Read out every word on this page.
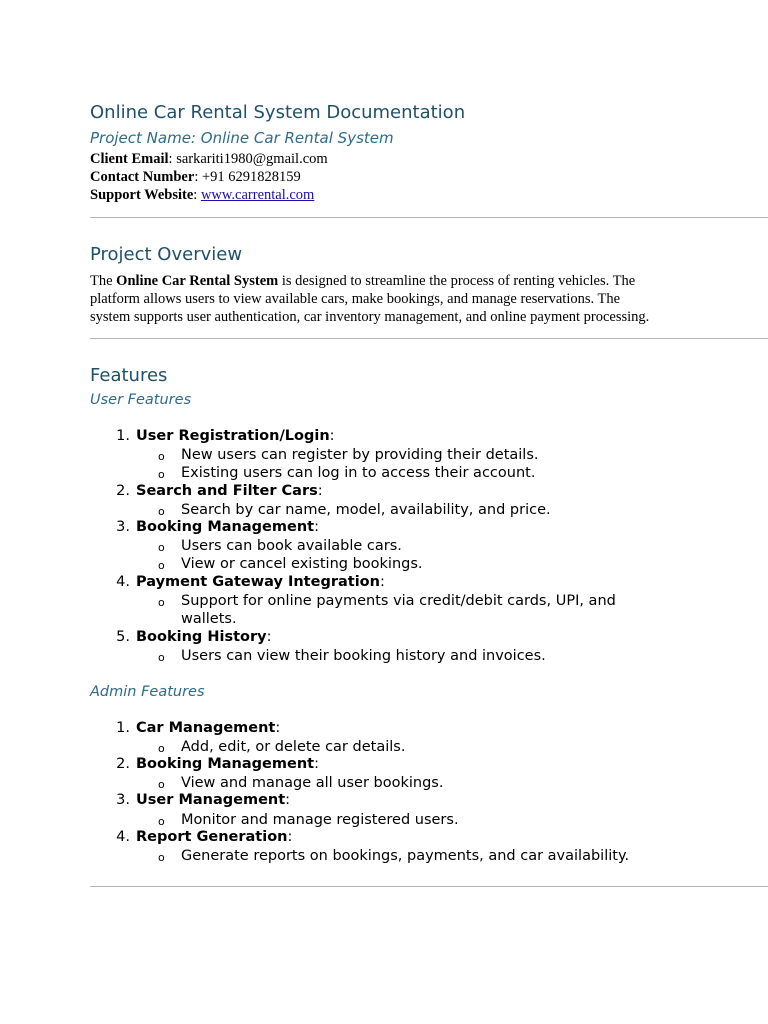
Online Car Rental System Documentation
Project Name: Online Car Rental System
Client Email: sarkariti1980@gmail.com
Contact Number: +91 6291828159
Support Website: www.carrental.com
Project Overview
The Online Car Rental System is designed to streamline the process of renting vehicles. The
platform allows users to view available cars, make bookings, and manage reservations. The
system supports user authentication, car inventory management, and online payment processing.
Features
User Features
1. User Registration/Login:
o New users can register by providing their details.
o Existing users can log in to access their account.
2. Search and Filter Cars:
o Search by car name, model, availability, and price.
3. Booking Management:
o Users can book available cars.
o View or cancel existing bookings.
4. Payment Gateway Integration:
o Support for online payments via credit/debit cards, UPI, and
wallets.
5. Booking History:
o Users can view their booking history and invoices.
Admin Features
1. Car Management:
o Add, edit, or delete car details.
2. Booking Management:
o View and manage all user bookings.
3. User Management:
o Monitor and manage registered users.
4. Report Generation:
o Generate reports on bookings, payments, and car availability.
